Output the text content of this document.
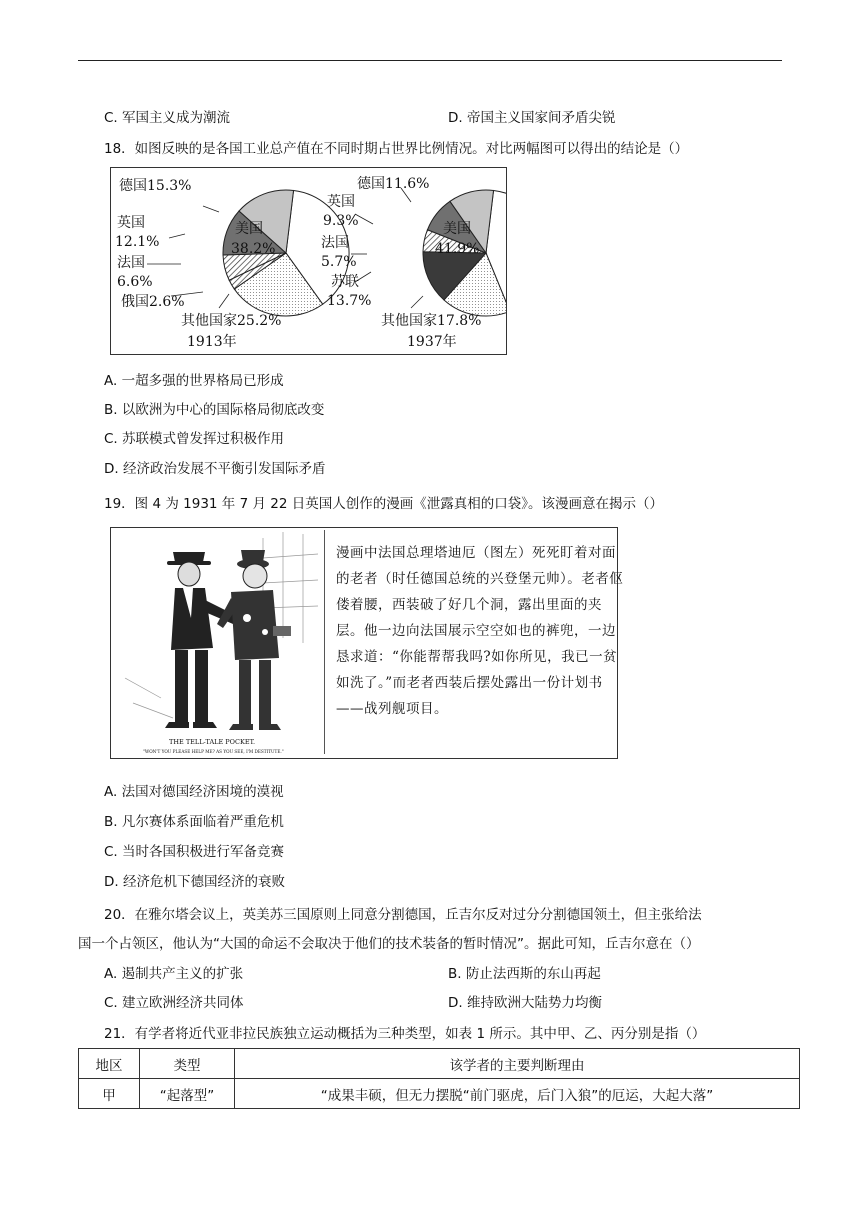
C. 军国主义成为潮流	D. 帝国主义国家间矛盾尖锐
18．如图反映的是各国工业总产值在不同时期占世界比例情况。对比两幅图可以得出的结论是（）
德国15.3%
美国
38.2%
英国
12.1%
法国
6.6%
俄国2.6%
其他国家25.2%
1913年
德国11.6%
美国
41.9%
英国
9.3%
法国
5.7%
苏联
13.7%
其他国家17.8%
1937年
A. 一超多强的世界格局已形成
B. 以欧洲为中心的国际格局彻底改变
C. 苏联模式曾发挥过积极作用
D. 经济政治发展不平衡引发国际矛盾
19．图 4 为 1931 年 7 月 22 日英国人创作的漫画《泄露真相的口袋》。该漫画意在揭示（）
THE TELL-TALE POCKET.
"WON'T YOU PLEASE HELP ME? AS YOU SEE, I'M DESTITUTE."
漫画中法国总理塔迪厄（图左）死死盯着对面的老者（时任德国总统的兴登堡元帅）。老者伛偻着腰，西装破了好几个洞，露出里面的夹层。他一边向法国展示空空如也的裤兜，一边恳求道：“你能帮帮我吗?如你所见，我已一贫如洗了。”而老者西装后摆处露出一份计划书——战列舰项目。
A. 法国对德国经济困境的漠视
B. 凡尔赛体系面临着严重危机
C. 当时各国积极进行军备竞赛
D. 经济危机下德国经济的衰败
20．在雅尔塔会议上，英美苏三国原则上同意分割德国，丘吉尔反对过分分割德国领土，但主张给法
国一个占领区，他认为“大国的命运不会取决于他们的技术装备的暂时情况”。据此可知，丘吉尔意在（）
A. 遏制共产主义的扩张	B. 防止法西斯的东山再起
C. 建立欧洲经济共同体	D. 维持欧洲大陆势力均衡
21．有学者将近代亚非拉民族独立运动概括为三种类型，如表 1 所示。其中甲、乙、丙分别是指（）
地区	类型	该学者的主要判断理由
甲	“起落型”	“成果丰硕，但无力摆脱“前门驱虎，后门入狼”的厄运，大起大落”
